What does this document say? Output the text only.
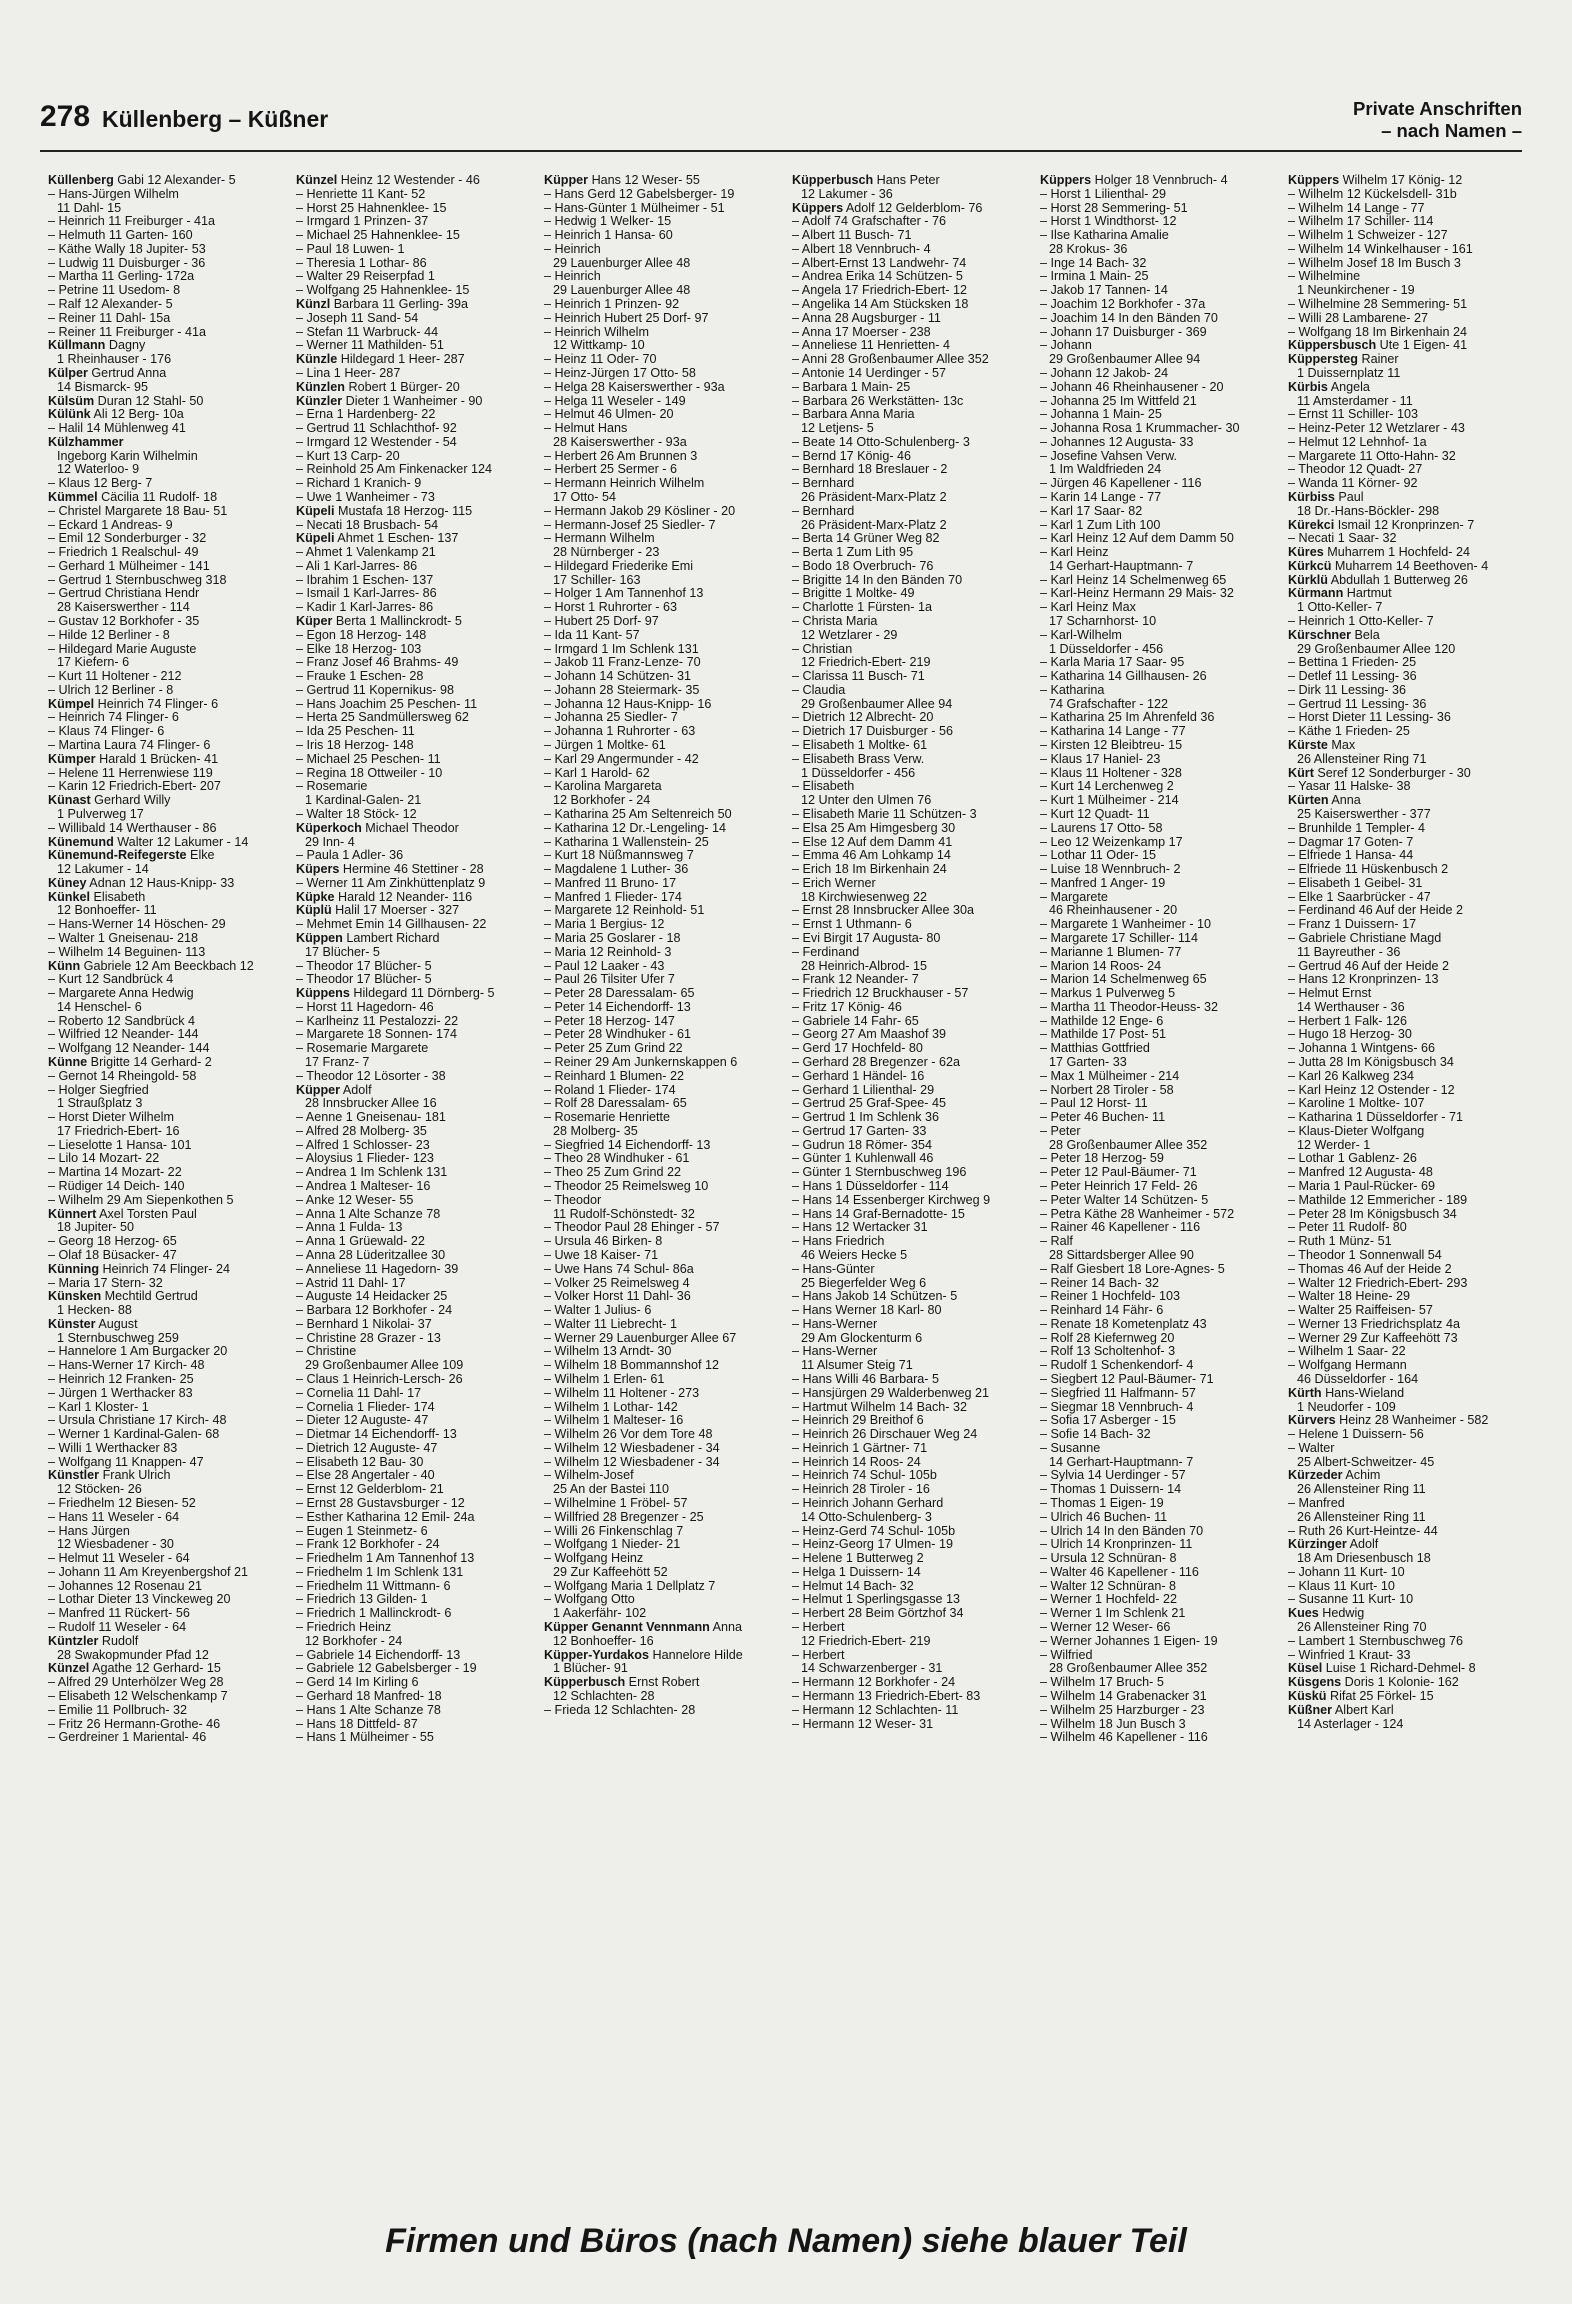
278 Küllenberg – Küßner	Private Anschriften
– nach Namen –
Küllenberg Gabi 12 Alexander- 5
– Hans-Jürgen Wilhelm
11 Dahl- 15
– Heinrich 11 Freiburger - 41a
– Helmuth 11 Garten- 160
– Käthe Wally 18 Jupiter- 53
– Ludwig 11 Duisburger - 36
– Martha 11 Gerling- 172a
– Petrine 11 Usedom- 8
– Ralf 12 Alexander- 5
– Reiner 11 Dahl- 15a
– Reiner 11 Freiburger - 41a
Küllmann Dagny
1 Rheinhauser - 176
Külper Gertrud Anna
14 Bismarck- 95
Külsüm Duran 12 Stahl- 50
Külünk Ali 12 Berg- 10a
– Halil 14 Mühlenweg 41
Külzhammer
Ingeborg Karin Wilhelmin
12 Waterloo- 9
– Klaus 12 Berg- 7
Kümmel Cäcilia 11 Rudolf- 18
– Christel Margarete 18 Bau- 51
– Eckard 1 Andreas- 9
– Emil 12 Sonderburger - 32
– Friedrich 1 Realschul- 49
– Gerhard 1 Mülheimer - 141
– Gertrud 1 Sternbuschweg 318
– Gertrud Christiana Hendr
28 Kaiserswerther - 114
– Gustav 12 Borkhofer - 35
– Hilde 12 Berliner - 8
– Hildegard Marie Auguste
17 Kiefern- 6
– Kurt 11 Holtener - 212
– Ulrich 12 Berliner - 8
Kümpel Heinrich 74 Flinger- 6
– Heinrich 74 Flinger- 6
– Klaus 74 Flinger- 6
– Martina Laura 74 Flinger- 6
Kümper Harald 1 Brücken- 41
– Helene 11 Herrenwiese 119
– Karin 12 Friedrich-Ebert- 207
Künast Gerhard Willy
1 Pulverweg 17
– Willibald 14 Werthauser - 86
Künemund Walter 12 Lakumer - 14
Künemund-Reifegerste Elke
12 Lakumer - 14
Küney Adnan 12 Haus-Knipp- 33
Künkel Elisabeth
12 Bonhoeffer- 11
– Hans-Werner 14 Höschen- 29
– Walter 1 Gneisenau- 218
– Wilhelm 14 Beguinen- 113
Künn Gabriele 12 Am Beeckbach 12
– Kurt 12 Sandbrück 4
– Margarete Anna Hedwig
14 Henschel- 6
– Roberto 12 Sandbrück 4
– Wilfried 12 Neander- 144
– Wolfgang 12 Neander- 144
Künne Brigitte 14 Gerhard- 2
– Gernot 14 Rheingold- 58
– Holger Siegfried
1 Straußplatz 3
– Horst Dieter Wilhelm
17 Friedrich-Ebert- 16
– Lieselotte 1 Hansa- 101
– Lilo 14 Mozart- 22
– Martina 14 Mozart- 22
– Rüdiger 14 Deich- 140
– Wilhelm 29 Am Siepenkothen 5
Künnert Axel Torsten Paul
18 Jupiter- 50
– Georg 18 Herzog- 65
– Olaf 18 Büsacker- 47
Künning Heinrich 74 Flinger- 24
– Maria 17 Stern- 32
Künsken Mechtild Gertrud
1 Hecken- 88
Künster August
1 Sternbuschweg 259
– Hannelore 1 Am Burgacker 20
– Hans-Werner 17 Kirch- 48
– Heinrich 12 Franken- 25
– Jürgen 1 Werthacker 83
– Karl 1 Kloster- 1
– Ursula Christiane 17 Kirch- 48
– Werner 1 Kardinal-Galen- 68
– Willi 1 Werthacker 83
– Wolfgang 11 Knappen- 47
Künstler Frank Ulrich
12 Stöcken- 26
– Friedhelm 12 Biesen- 52
– Hans 11 Weseler - 64
– Hans Jürgen
12 Wiesbadener - 30
– Helmut 11 Weseler - 64
– Johann 11 Am Kreyenbergshof 21
– Johannes 12 Rosenau 21
– Lothar Dieter 13 Vinckeweg 20
– Manfred 11 Rückert- 56
– Rudolf 11 Weseler - 64
Küntzler Rudolf
28 Swakopmunder Pfad 12
Künzel Agathe 12 Gerhard- 15
– Alfred 29 Unterhölzer Weg 28
– Elisabeth 12 Welschenkamp 7
– Emilie 11 Pollbruch- 32
– Fritz 26 Hermann-Grothe- 46
– Gerdreiner 1 Mariental- 46
Künzel Heinz 12 Westender - 46
– Henriette 11 Kant- 52
– Horst 25 Hahnenklee- 15
– Irmgard 1 Prinzen- 37
– Michael 25 Hahnenklee- 15
– Paul 18 Luwen- 1
– Theresia 1 Lothar- 86
– Walter 29 Reiserpfad 1
– Wolfgang 25 Hahnenklee- 15
Künzl Barbara 11 Gerling- 39a
– Joseph 11 Sand- 54
– Stefan 11 Warbruck- 44
– Werner 11 Mathilden- 51
Künzle Hildegard 1 Heer- 287
– Lina 1 Heer- 287
Künzlen Robert 1 Bürger- 20
Künzler Dieter 1 Wanheimer - 90
– Erna 1 Hardenberg- 22
– Gertrud 11 Schlachthof- 92
– Irmgard 12 Westender - 54
– Kurt 13 Carp- 20
– Reinhold 25 Am Finkenacker 124
– Richard 1 Kranich- 9
– Uwe 1 Wanheimer - 73
Küpeli Mustafa 18 Herzog- 115
– Necati 18 Brusbach- 54
Küpeli Ahmet 1 Eschen- 137
– Ahmet 1 Valenkamp 21
– Ali 1 Karl-Jarres- 86
– İbrahim 1 Eschen- 137
– Ismail 1 Karl-Jarres- 86
– Kadir 1 Karl-Jarres- 86
Küper Berta 1 Mallinckrodt- 5
– Egon 18 Herzog- 148
– Elke 18 Herzog- 103
– Franz Josef 46 Brahms- 49
– Frauke 1 Eschen- 28
– Gertrud 11 Kopernikus- 98
– Hans Joachim 25 Peschen- 11
– Herta 25 Sandmüllersweg 62
– Ida 25 Peschen- 11
– Iris 18 Herzog- 148
– Michael 25 Peschen- 11
– Regina 18 Ottweiler - 10
– Rosemarie
1 Kardinal-Galen- 21
– Walter 18 Stöck- 12
Küperkoch Michael Theodor
29 Inn- 4
– Paula 1 Adler- 36
Küpers Hermine 46 Stettiner - 28
– Werner 11 Am Zinkhüttenplatz 9
Küpke Harald 12 Neander- 116
Küplü Halil 17 Moerser - 327
– Mehmet Emin 14 Gillhausen- 22
Küppen Lambert Richard
17 Blücher- 5
– Theodor 17 Blücher- 5
– Theodor 17 Blücher- 5
Küppens Hildegard 11 Dörnberg- 5
– Horst 11 Hagedorn- 46
– Karlheinz 11 Pestalozzi- 22
– Margarete 18 Sonnen- 174
– Rosemarie Margarete
17 Franz- 7
– Theodor 12 Lösorter - 38
Küpper Adolf
28 Innsbrucker Allee 16
– Aenne 1 Gneisenau- 181
– Alfred 28 Molberg- 35
– Alfred 1 Schlosser- 23
– Aloysius 1 Flieder- 123
– Andrea 1 Im Schlenk 131
– Andrea 1 Malteser- 16
– Anke 12 Weser- 55
– Anna 1 Alte Schanze 78
– Anna 1 Fulda- 13
– Anna 1 Grüewald- 22
– Anna 28 Lüderitzallee 30
– Anneliese 11 Hagedorn- 39
– Astrid 11 Dahl- 17
– Auguste 14 Heidacker 25
– Barbara 12 Borkhofer - 24
– Bernhard 1 Nikolai- 37
– Christine 28 Grazer - 13
– Christine
29 Großenbaumer Allee 109
– Claus 1 Heinrich-Lersch- 26
– Cornelia 11 Dahl- 17
– Cornelia 1 Flieder- 174
– Dieter 12 Auguste- 47
– Dietmar 14 Eichendorff- 13
– Dietrich 12 Auguste- 47
– Elisabeth 12 Bau- 30
– Else 28 Angertaler - 40
– Ernst 12 Gelderblom- 21
– Ernst 28 Gustavsburger - 12
– Esther Katharina 12 Emil- 24a
– Eugen 1 Steinmetz- 6
– Frank 12 Borkhofer - 24
– Friedhelm 1 Am Tannenhof 13
– Friedhelm 1 Im Schlenk 131
– Friedhelm 11 Wittmann- 6
– Friedrich 13 Gilden- 1
– Friedrich 1 Mallinckrodt- 6
– Friedrich Heinz
12 Borkhofer - 24
– Gabriele 14 Eichendorff- 13
– Gabriele 12 Gabelsberger - 19
– Gerd 14 Im Kirling 6
– Gerhard 18 Manfred- 18
– Hans 1 Alte Schanze 78
– Hans 18 Dittfeld- 87
– Hans 1 Mülheimer - 55
Küpper Hans 12 Weser- 55
– Hans Gerd 12 Gabelsberger- 19
– Hans-Günter 1 Mülheimer - 51
– Hedwig 1 Welker- 15
– Heinrich 1 Hansa- 60
– Heinrich
29 Lauenburger Allee 48
– Heinrich
29 Lauenburger Allee 48
– Heinrich 1 Prinzen- 92
– Heinrich Hubert 25 Dorf- 97
– Heinrich Wilhelm
12 Wittkamp- 10
– Heinz 11 Oder- 70
– Heinz-Jürgen 17 Otto- 58
– Helga 28 Kaiserswerther - 93a
– Helga 11 Weseler - 149
– Helmut 46 Ulmen- 20
– Helmut Hans
28 Kaiserswerther - 93a
– Herbert 26 Am Brunnen 3
– Herbert 25 Sermer - 6
– Hermann Heinrich Wilhelm
17 Otto- 54
– Hermann Jakob 29 Kösliner - 20
– Hermann-Josef 25 Siedler- 7
– Hermann Wilhelm
28 Nürnberger - 23
– Hildegard Friederike Emi
17 Schiller- 163
– Holger 1 Am Tannenhof 13
– Horst 1 Ruhrorter - 63
– Hubert 25 Dorf- 97
– Ida 11 Kant- 57
– Irmgard 1 Im Schlenk 131
– Jakob 11 Franz-Lenze- 70
– Johann 14 Schützen- 31
– Johann 28 Steiermark- 35
– Johanna 12 Haus-Knipp- 16
– Johanna 25 Siedler- 7
– Johanna 1 Ruhrorter - 63
– Jürgen 1 Moltke- 61
– Karl 29 Angermunder - 42
– Karl 1 Harold- 62
– Karolina Margareta
12 Borkhofer - 24
– Katharina 25 Am Seltenreich 50
– Katharina 12 Dr.-Lengeling- 14
– Katharina 1 Wallenstein- 25
– Kurt 18 Nüßmannsweg 7
– Magdalene 1 Luther- 36
– Manfred 11 Bruno- 17
– Manfred 1 Flieder- 174
– Margarete 12 Reinhold- 51
– Maria 1 Bergius- 12
– Maria 25 Goslarer - 18
– Maria 12 Reinhold- 3
– Paul 12 Laaker - 43
– Paul 26 Tilsiter Ufer 7
– Peter 28 Daressalam- 65
– Peter 14 Eichendorff- 13
– Peter 18 Herzog- 147
– Peter 28 Windhuker - 61
– Peter 25 Zum Grind 22
– Reiner 29 Am Junkernskappen 6
– Reinhard 1 Blumen- 22
– Roland 1 Flieder- 174
– Rolf 28 Daressalam- 65
– Rosemarie Henriette
28 Molberg- 35
– Siegfried 14 Eichendorff- 13
– Theo 28 Windhuker - 61
– Theo 25 Zum Grind 22
– Theodor 25 Reimelsweg 10
– Theodor
11 Rudolf-Schönstedt- 32
– Theodor Paul 28 Ehinger - 57
– Ursula 46 Birken- 8
– Uwe 18 Kaiser- 71
– Uwe Hans 74 Schul- 86a
– Volker 25 Reimelsweg 4
– Volker Horst 11 Dahl- 36
– Walter 1 Julius- 6
– Walter 11 Liebrecht- 1
– Werner 29 Lauenburger Allee 67
– Wilhelm 13 Arndt- 30
– Wilhelm 18 Bommannshof 12
– Wilhelm 1 Erlen- 61
– Wilhelm 11 Holtener - 273
– Wilhelm 1 Lothar- 142
– Wilhelm 1 Malteser- 16
– Wilhelm 26 Vor dem Tore 48
– Wilhelm 12 Wiesbadener - 34
– Wilhelm 12 Wiesbadener - 34
– Wilhelm-Josef
25 An der Bastei 110
– Wilhelmine 1 Fröbel- 57
– Willfried 28 Bregenzer - 25
– Willi 26 Finkenschlag 7
– Wolfgang 1 Nieder- 21
– Wolfgang Heinz
29 Zur Kaffeehött 52
– Wolfgang Maria 1 Dellplatz 7
– Wolfgang Otto
1 Aakerfähr- 102
Küpper Genannt Vennmann Anna
12 Bonhoeffer- 16
Küpper-Yurdakos Hannelore Hilde
1 Blücher- 91
Küpperbusch Ernst Robert
12 Schlachten- 28
– Frieda 12 Schlachten- 28
Küpperbusch Hans Peter
12 Lakumer - 36
Küppers Adolf 12 Gelderblom- 76
– Adolf 74 Grafschafter - 76
– Albert 11 Busch- 71
– Albert 18 Vennbruch- 4
– Albert-Ernst 13 Landwehr- 74
– Andrea Erika 14 Schützen- 5
– Angela 17 Friedrich-Ebert- 12
– Angelika 14 Am Stücksken 18
– Anna 28 Augsburger - 11
– Anna 17 Moerser - 238
– Anneliese 11 Henrietten- 4
– Anni 28 Großenbaumer Allee 352
– Antonie 14 Uerdinger - 57
– Barbara 1 Main- 25
– Barbara 26 Werkstätten- 13c
– Barbara Anna Maria
12 Letjens- 5
– Beate 14 Otto-Schulenberg- 3
– Bernd 17 König- 46
– Bernhard 18 Breslauer - 2
– Bernhard
26 Präsident-Marx-Platz 2
– Bernhard
26 Präsident-Marx-Platz 2
– Berta 14 Grüner Weg 82
– Berta 1 Zum Lith 95
– Bodo 18 Overbruch- 76
– Brigitte 14 In den Bänden 70
– Brigitte 1 Moltke- 49
– Charlotte 1 Fürsten- 1a
– Christa Maria
12 Wetzlarer - 29
– Christian
12 Friedrich-Ebert- 219
– Clarissa 11 Busch- 71
– Claudia
29 Großenbaumer Allee 94
– Dietrich 12 Albrecht- 20
– Dietrich 17 Duisburger - 56
– Elisabeth 1 Moltke- 61
– Elisabeth Brass Verw.
1 Düsseldorfer - 456
– Elisabeth
12 Unter den Ulmen 76
– Elisabeth Marie 11 Schützen- 3
– Elsa 25 Am Himgesberg 30
– Else 12 Auf dem Damm 41
– Emma 46 Am Lohkamp 14
– Erich 18 Im Birkenhain 24
– Erich Werner
18 Kirchwiesenweg 22
– Ernst 28 Innsbrucker Allee 30a
– Ernst 1 Uthmann- 6
– Evi Birgit 17 Augusta- 80
– Ferdinand
28 Heinrich-Albrod- 15
– Frank 12 Neander- 7
– Friedrich 12 Bruckhauser - 57
– Fritz 17 König- 46
– Gabriele 14 Fahr- 65
– Georg 27 Am Maashof 39
– Gerd 17 Hochfeld- 80
– Gerhard 28 Bregenzer - 62a
– Gerhard 1 Händel- 16
– Gerhard 1 Lilienthal- 29
– Gertrud 25 Graf-Spee- 45
– Gertrud 1 Im Schlenk 36
– Gertrud 17 Garten- 33
– Gudrun 18 Römer- 354
– Günter 1 Kuhlenwall 46
– Günter 1 Sternbuschweg 196
– Hans 1 Düsseldorfer - 114
– Hans 14 Essenberger Kirchweg 9
– Hans 14 Graf-Bernadotte- 15
– Hans 12 Wertacker 31
– Hans Friedrich
46 Weiers Hecke 5
– Hans-Günter
25 Biegerfelder Weg 6
– Hans Jakob 14 Schützen- 5
– Hans Werner 18 Karl- 80
– Hans-Werner
29 Am Glockenturm 6
– Hans-Werner
11 Alsumer Steig 71
– Hans Willi 46 Barbara- 5
– Hansjürgen 29 Walderbenweg 21
– Hartmut Wilhelm 14 Bach- 32
– Heinrich 29 Breithof 6
– Heinrich 26 Dirschauer Weg 24
– Heinrich 1 Gärtner- 71
– Heinrich 14 Roos- 24
– Heinrich 74 Schul- 105b
– Heinrich 28 Tiroler - 16
– Heinrich Johann Gerhard
14 Otto-Schulenberg- 3
– Heinz-Gerd 74 Schul- 105b
– Heinz-Georg 17 Ulmen- 19
– Helene 1 Butterweg 2
– Helga 1 Duissern- 14
– Helmut 14 Bach- 32
– Helmut 1 Sperlingsgasse 13
– Herbert 28 Beim Görtzhof 34
– Herbert
12 Friedrich-Ebert- 219
– Herbert
14 Schwarzenberger - 31
– Hermann 12 Borkhofer - 24
– Hermann 13 Friedrich-Ebert- 83
– Hermann 12 Schlachten- 11
– Hermann 12 Weser- 31
Küppers Holger 18 Vennbruch- 4
– Horst 1 Lilienthal- 29
– Horst 28 Semmering- 51
– Horst 1 Windthorst- 12
– Ilse Katharina Amalie
28 Krokus- 36
– Inge 14 Bach- 32
– Irmina 1 Main- 25
– Jakob 17 Tannen- 14
– Joachim 12 Borkhofer - 37a
– Joachim 14 In den Bänden 70
– Johann 17 Duisburger - 369
– Johann
29 Großenbaumer Allee 94
– Johann 12 Jakob- 24
– Johann 46 Rheinhausener - 20
– Johanna 25 Im Wittfeld 21
– Johanna 1 Main- 25
– Johanna Rosa 1 Krummacher- 30
– Johannes 12 Augusta- 33
– Josefine Vahsen Verw.
1 Im Waldfrieden 24
– Jürgen 46 Kapellener - 116
– Karin 14 Lange - 77
– Karl 17 Saar- 82
– Karl 1 Zum Lith 100
– Karl Heinz 12 Auf dem Damm 50
– Karl Heinz
14 Gerhart-Hauptmann- 7
– Karl Heinz 14 Schelmenweg 65
– Karl-Heinz Hermann 29 Mais- 32
– Karl Heinz Max
17 Scharnhorst- 10
– Karl-Wilhelm
1 Düsseldorfer - 456
– Karla Maria 17 Saar- 95
– Katharina 14 Gillhausen- 26
– Katharina
74 Grafschafter - 122
– Katharina 25 Im Ährenfeld 36
– Katharina 14 Lange - 77
– Kirsten 12 Bleibtreu- 15
– Klaus 17 Haniel- 23
– Klaus 11 Holtener - 328
– Kurt 14 Lerchenweg 2
– Kurt 1 Mülheimer - 214
– Kurt 12 Quadt- 11
– Laurens 17 Otto- 58
– Leo 12 Weizenkamp 17
– Lothar 11 Oder- 15
– Luise 18 Wennbruch- 2
– Manfred 1 Anger- 19
– Margarete
46 Rheinhausener - 20
– Margarete 1 Wanheimer - 10
– Margarete 17 Schiller- 114
– Marianne 1 Blumen- 77
– Marion 14 Roos- 24
– Marion 14 Schelmenweg 65
– Markus 1 Pulverweg 5
– Martha 11 Theodor-Heuss- 32
– Mathilde 12 Enge- 6
– Mathilde 17 Post- 51
– Matthias Gottfried
17 Garten- 33
– Max 1 Mülheimer - 214
– Norbert 28 Tiroler - 58
– Paul 12 Horst- 11
– Peter 46 Buchen- 11
– Peter
28 Großenbaumer Allee 352
– Peter 18 Herzog- 59
– Peter 12 Paul-Bäumer- 71
– Peter Heinrich 17 Feld- 26
– Peter Walter 14 Schützen- 5
– Petra Käthe 28 Wanheimer - 572
– Rainer 46 Kapellener - 116
– Ralf
28 Sittardsberger Allee 90
– Ralf Giesbert 18 Lore-Agnes- 5
– Reiner 14 Bach- 32
– Reiner 1 Hochfeld- 103
– Reinhard 14 Fähr- 6
– Renate 18 Kometenplatz 43
– Rolf 28 Kiefernweg 20
– Rolf 13 Scholtenhof- 3
– Rudolf 1 Schenkendorf- 4
– Siegbert 12 Paul-Bäumer- 71
– Siegfried 11 Halfmann- 57
– Siegmar 18 Vennbruch- 4
– Sofia 17 Asberger - 15
– Sofie 14 Bach- 32
– Susanne
14 Gerhart-Hauptmann- 7
– Sylvia 14 Uerdinger - 57
– Thomas 1 Duissern- 14
– Thomas 1 Eigen- 19
– Ulrich 46 Buchen- 11
– Ulrich 14 In den Bänden 70
– Ulrich 14 Kronprinzen- 11
– Ursula 12 Schnüran- 8
– Walter 46 Kapellener - 116
– Walter 12 Schnüran- 8
– Werner 1 Hochfeld- 22
– Werner 1 Im Schlenk 21
– Werner 12 Weser- 66
– Werner Johannes 1 Eigen- 19
– Wilfried
28 Großenbaumer Allee 352
– Wilhelm 17 Bruch- 5
– Wilhelm 14 Grabenacker 31
– Wilhelm 25 Harzburger - 23
– Wilhelm 18 Jun Busch 3
– Wilhelm 46 Kapellener - 116
Küppers Wilhelm 17 König- 12
– Wilhelm 12 Kückelsdell- 31b
– Wilhelm 14 Lange - 77
– Wilhelm 17 Schiller- 114
– Wilhelm 1 Schweizer - 127
– Wilhelm 14 Winkelhauser - 161
– Wilhelm Josef 18 Im Busch 3
– Wilhelmine
1 Neunkirchener - 19
– Wilhelmine 28 Semmering- 51
– Willi 28 Lambarene- 27
– Wolfgang 18 Im Birkenhain 24
Küppersbusch Ute 1 Eigen- 41
Küppersteg Rainer
1 Duissernplatz 11
Kürbis Angela
11 Amsterdamer - 11
– Ernst 11 Schiller- 103
– Heinz-Peter 12 Wetzlarer - 43
– Helmut 12 Lehnhof- 1a
– Margarete 11 Otto-Hahn- 32
– Theodor 12 Quadt- 27
– Wanda 11 Körner- 92
Kürbiss Paul
18 Dr.-Hans-Böckler- 298
Kürekci Ismail 12 Kronprinzen- 7
– Necati 1 Saar- 32
Küres Muharrem 1 Hochfeld- 24
Kürkcü Muharrem 14 Beethoven- 4
Kürklü Abdullah 1 Butterweg 26
Kürmann Hartmut
1 Otto-Keller- 7
– Heinrich 1 Otto-Keller- 7
Kürschner Bela
29 Großenbaumer Allee 120
– Bettina 1 Frieden- 25
– Detlef 11 Lessing- 36
– Dirk 11 Lessing- 36
– Gertrud 11 Lessing- 36
– Horst Dieter 11 Lessing- 36
– Käthe 1 Frieden- 25
Kürste Max
26 Allensteiner Ring 71
Kürt Seref 12 Sonderburger - 30
– Yasar 11 Halske- 38
Kürten Anna
25 Kaiserswerther - 377
– Brunhilde 1 Templer- 4
– Dagmar 17 Goten- 7
– Elfriede 1 Hansa- 44
– Elfriede 11 Hüskenbusch 2
– Elisabeth 1 Geibel- 31
– Elke 1 Saarbrücker - 47
– Ferdinand 46 Auf der Heide 2
– Franz 1 Duissern- 17
– Gabriele Christiane Magd
11 Bayreuther - 36
– Gertrud 46 Auf der Heide 2
– Hans 12 Kronprinzen- 13
– Helmut Ernst
14 Werthauser - 36
– Herbert 1 Falk- 126
– Hugo 18 Herzog- 30
– Johanna 1 Wintgens- 66
– Jutta 28 Im Königsbusch 34
– Karl 26 Kalkweg 234
– Karl Heinz 12 Ostender - 12
– Karoline 1 Moltke- 107
– Katharina 1 Düsseldorfer - 71
– Klaus-Dieter Wolfgang
12 Werder- 1
– Lothar 1 Gablenz- 26
– Manfred 12 Augusta- 48
– Maria 1 Paul-Rücker- 69
– Mathilde 12 Emmericher - 189
– Peter 28 Im Königsbusch 34
– Peter 11 Rudolf- 80
– Ruth 1 Münz- 51
– Theodor 1 Sonnenwall 54
– Thomas 46 Auf der Heide 2
– Walter 12 Friedrich-Ebert- 293
– Walter 18 Heine- 29
– Walter 25 Raiffeisen- 57
– Werner 13 Friedrichsplatz 4a
– Werner 29 Zur Kaffeehött 73
– Wilhelm 1 Saar- 22
– Wolfgang Hermann
46 Düsseldorfer - 164
Kürth Hans-Wieland
1 Neudorfer - 109
Kürvers Heinz 28 Wanheimer - 582
– Helene 1 Duissern- 56
– Walter
25 Albert-Schweitzer- 45
Kürzeder Achim
26 Allensteiner Ring 11
– Manfred
26 Allensteiner Ring 11
– Ruth 26 Kurt-Heintze- 44
Kürzinger Adolf
18 Am Driesenbusch 18
– Johann 11 Kurt- 10
– Klaus 11 Kurt- 10
– Susanne 11 Kurt- 10
Kues Hedwig
26 Allensteiner Ring 70
– Lambert 1 Sternbuschweg 76
– Winfried 1 Kraut- 33
Küsel Luise 1 Richard-Dehmel- 8
Küsgens Doris 1 Kolonie- 162
Küskü Rifat 25 Förkel- 15
Küßner Albert Karl
14 Asterlager - 124
Firmen und Büros (nach Namen) siehe blauer Teil
